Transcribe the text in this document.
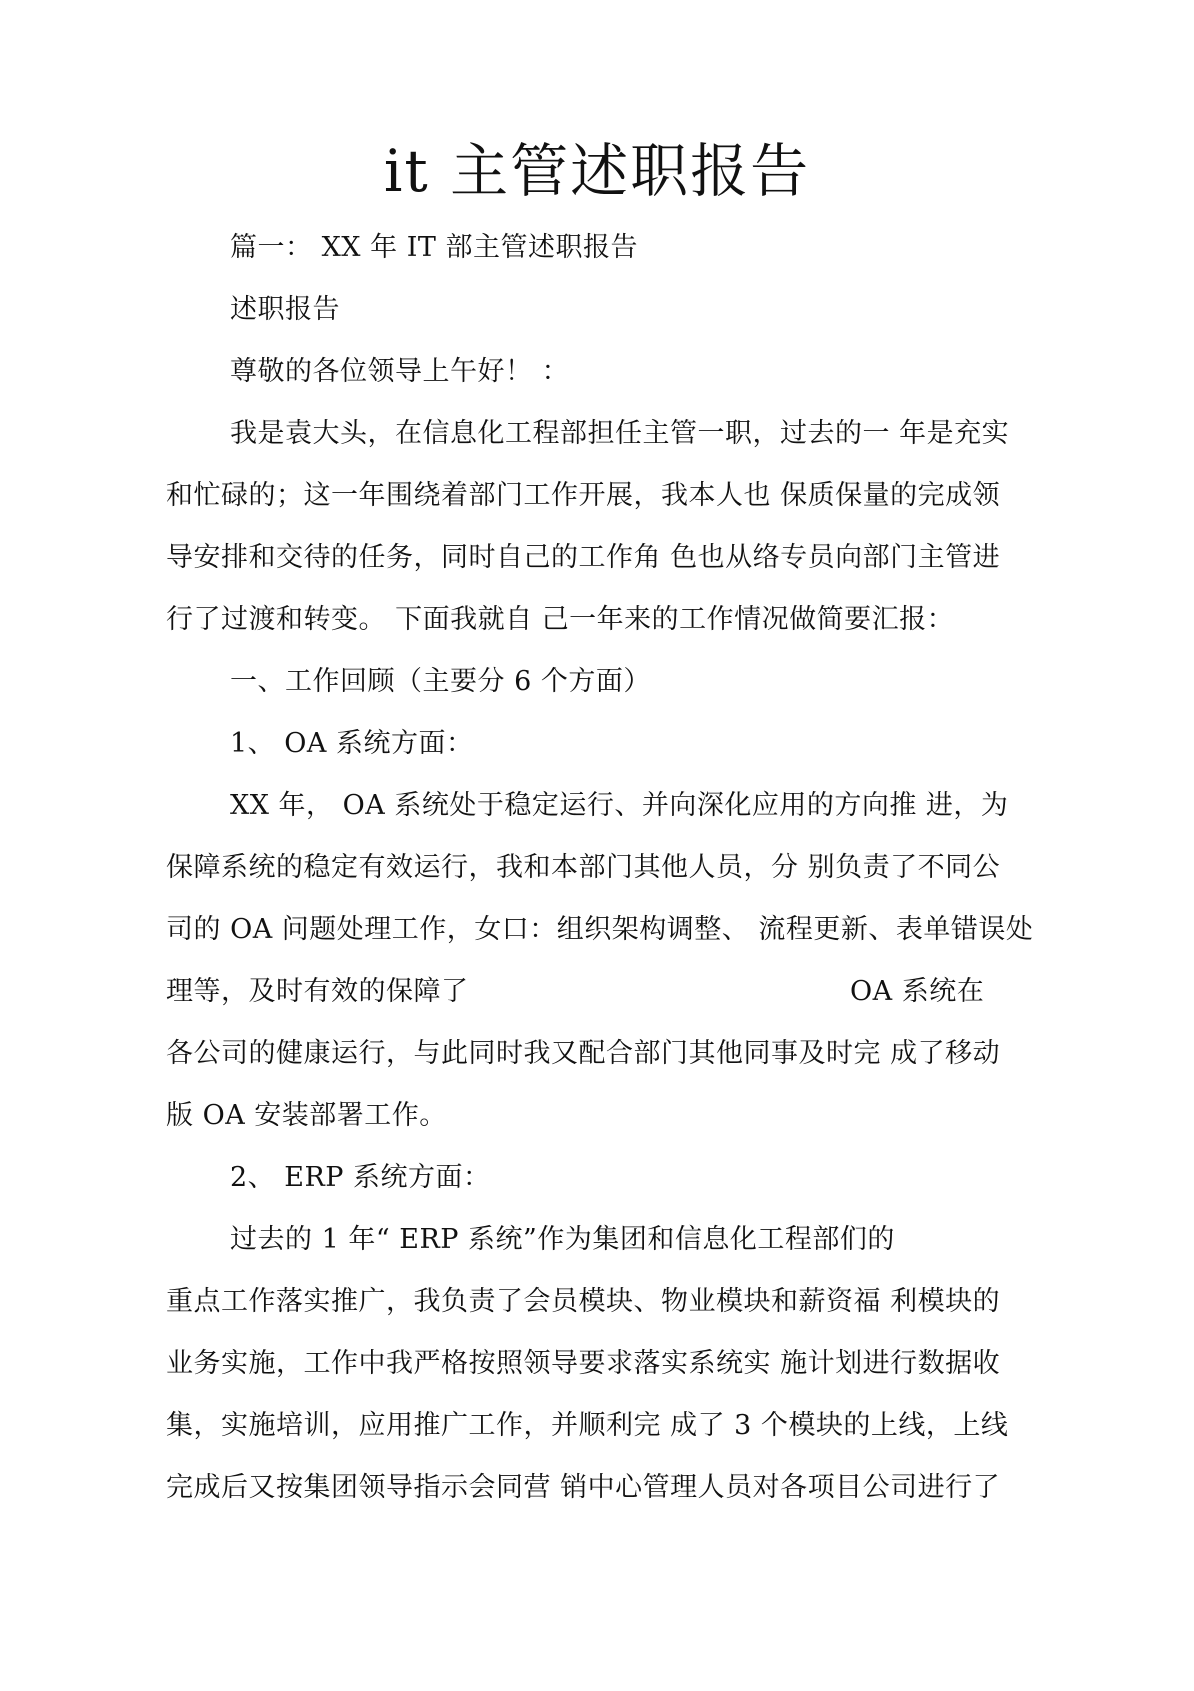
it 主管述职报告
篇一： XX 年 IT 部主管述职报告
述职报告
尊敬的各位领导上午好！ ：
我是袁大头，在信息化工程部担任主管一职，过去的一 年是充实
和忙碌的；这一年围绕着部门工作开展，我本人也 保质保量的完成领
导安排和交待的任务，同时自己的工作角 色也从络专员向部门主管进
行了过渡和转变。 下面我就自 己一年来的工作情况做简要汇报：
一、工作回顾（主要分 6 个方面）
1、 OA 系统方面：
XX 年， OA 系统处于稳定运行、并向深化应用的方向推 进，为
保障系统的稳定有效运行，我和本部门其他人员，分 别负责了不同公
司的 OA 问题处理工作，女口：组织架构调整、 流程更新、表单错误处
理等，及时有效的保障了	OA 系统在
各公司的健康运行，与此同时我又配合部门其他同事及时完 成了移动
版 OA 安装部署工作。
2、 ERP 系统方面：
过去的 1 年“ ERP 系统”作为集团和信息化工程部们的
重点工作落实推广，我负责了会员模块、物业模块和薪资福 利模块的
业务实施，工作中我严格按照领导要求落实系统实 施计划进行数据收
集，实施培训，应用推广工作，并顺利完 成了 3 个模块的上线，上线
完成后又按集团领导指示会同营 销中心管理人员对各项目公司进行了
